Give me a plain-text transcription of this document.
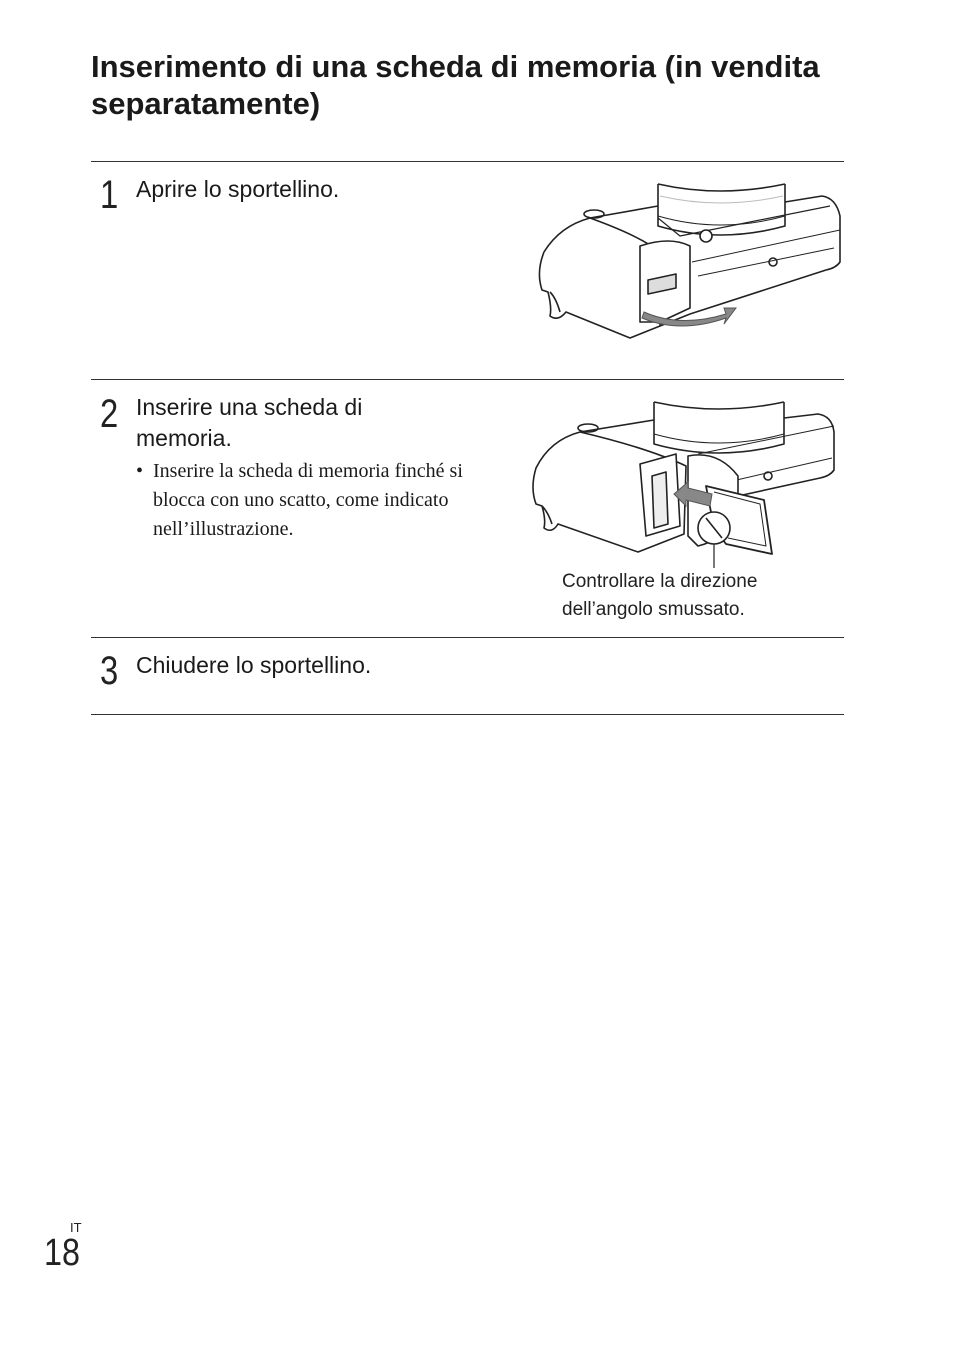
Inserimento di una scheda di memoria (in vendita separatamente)
1 Aprire lo sportellino.
2 Inserire una scheda di memoria.
• Inserire la scheda di memoria finché si blocca con uno scatto, come indicato nell’illustrazione.
Controllare la direzione dell’angolo smussato.
3 Chiudere lo sportellino.
IT
18
